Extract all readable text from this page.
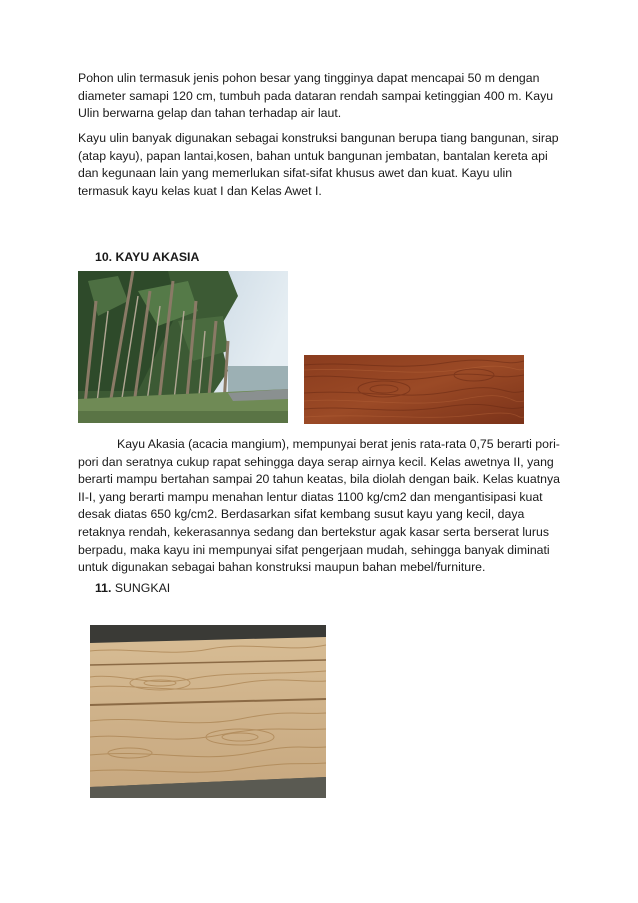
Pohon ulin termasuk jenis pohon besar yang tingginya dapat mencapai 50 m dengan diameter samapi 120 cm, tumbuh pada dataran rendah sampai ketinggian 400 m. Kayu Ulin berwarna gelap dan tahan terhadap air laut.

Kayu ulin banyak digunakan sebagai konstruksi bangunan berupa tiang bangunan, sirap (atap kayu), papan lantai,kosen, bahan untuk bangunan jembatan, bantalan kereta api dan kegunaan lain yang memerlukan sifat-sifat khusus awet dan kuat. Kayu ulin termasuk kayu kelas kuat I dan Kelas Awet I.

10. KAYU AKASIA

Kayu Akasia (acacia mangium), mempunyai berat jenis rata-rata 0,75 berarti pori-pori dan seratnya cukup rapat sehingga daya serap airnya kecil. Kelas awetnya II, yang berarti mampu bertahan sampai 20 tahun keatas, bila diolah dengan baik. Kelas kuatnya II-I, yang berarti mampu menahan lentur diatas 1100 kg/cm2 dan mengantisipasi kuat desak diatas 650 kg/cm2. Berdasarkan sifat kembang susut kayu yang kecil, daya retaknya rendah, kekerasannya sedang dan bertekstur agak kasar serta berserat lurus berpadu, maka kayu ini mempunyai sifat pengerjaan mudah, sehingga banyak diminati untuk digunakan sebagai bahan konstruksi maupun bahan mebel/furniture.

11. SUNGKAI
